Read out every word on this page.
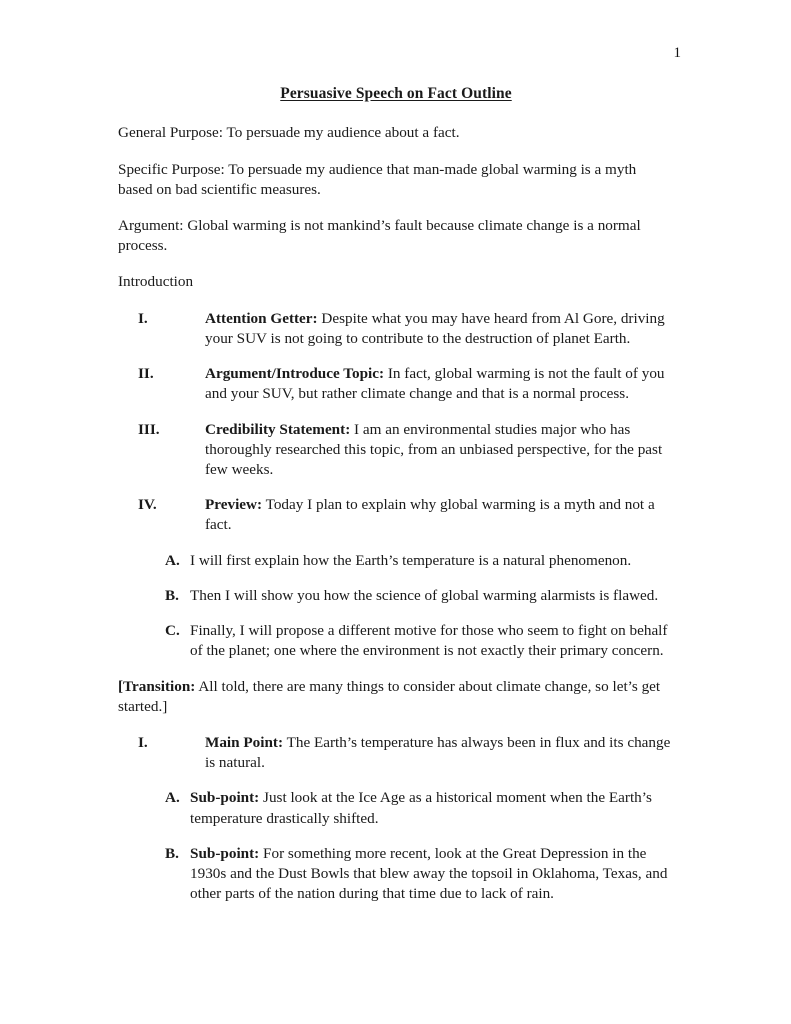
1
Persuasive Speech on Fact Outline

General Purpose: To persuade my audience about a fact.

Specific Purpose: To persuade my audience that man-made global warming is a myth based on bad scientific measures.

Argument: Global warming is not mankind’s fault because climate change is a normal process.

Introduction

I.	Attention Getter: Despite what you may have heard from Al Gore, driving your SUV is not going to contribute to the destruction of planet Earth.
II.	Argument/Introduce Topic: In fact, global warming is not the fault of you and your SUV, but rather climate change and that is a normal process.
III.	Credibility Statement: I am an environmental studies major who has thoroughly researched this topic, from an unbiased perspective, for the past few weeks.
IV.	Preview: Today I plan to explain why global warming is a myth and not a fact.
A. I will first explain how the Earth’s temperature is a natural phenomenon.
B. Then I will show you how the science of global warming alarmists is flawed.
C. Finally, I will propose a different motive for those who seem to fight on behalf of the planet; one where the environment is not exactly their primary concern.

[Transition: All told, there are many things to consider about climate change, so let’s get started.]

I.	Main Point: The Earth’s temperature has always been in flux and its change is natural.
A. Sub-point: Just look at the Ice Age as a historical moment when the Earth’s temperature drastically shifted.
B. Sub-point: For something more recent, look at the Great Depression in the 1930s and the Dust Bowls that blew away the topsoil in Oklahoma, Texas, and other parts of the nation during that time due to lack of rain.
